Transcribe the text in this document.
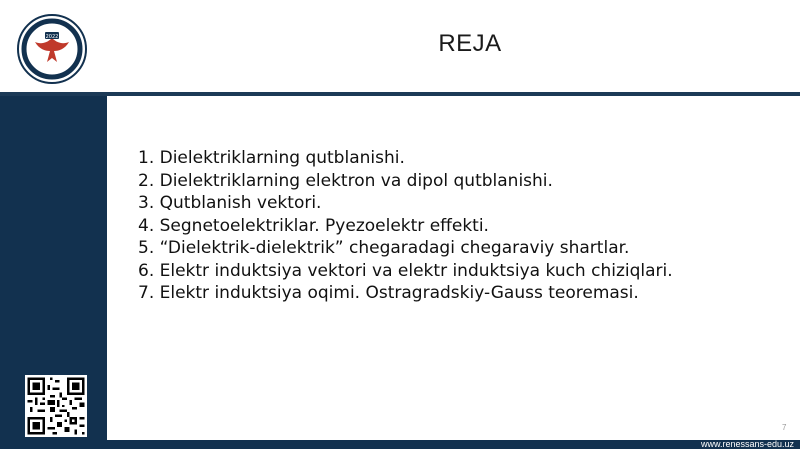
2022	REJA
1. Dielektriklarning qutblanishi.
2. Dielektriklarning elektron va dipol qutblanishi.
3. Qutblanish vektori.
4. Segnetoelektriklar. Pyezoelektr effekti.
5. “Dielektrik-dielektrik” chegaradagi chegaraviy shartlar.
6. Elektr induktsiya vektori va elektr induktsiya kuch chiziqlari.
7. Elektr induktsiya oqimi. Ostragradskiy-Gauss teoremasi.
7
www.renessans-edu.uz
